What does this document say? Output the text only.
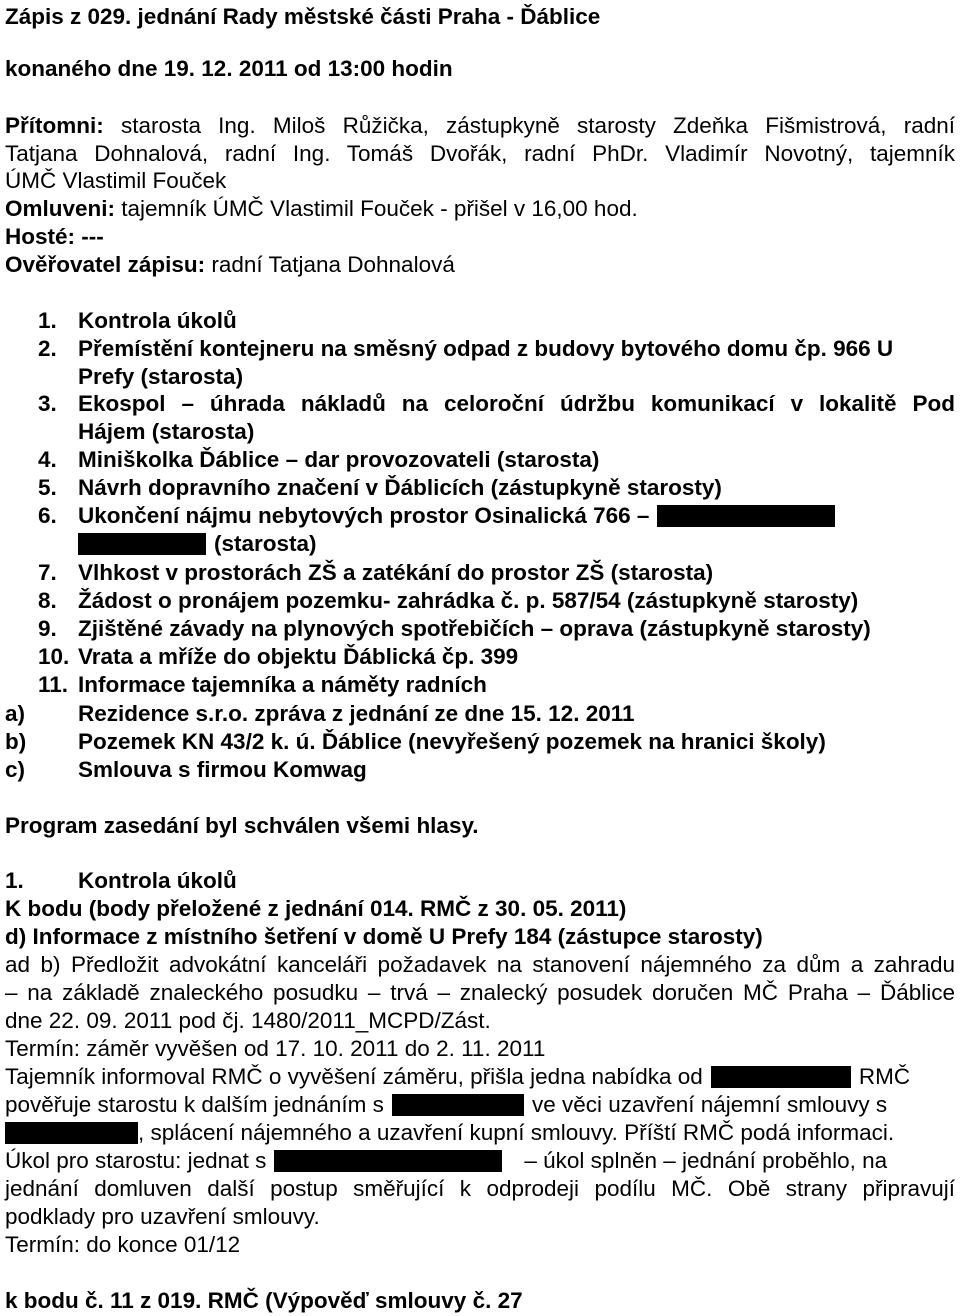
Zápis z 029. jednání Rady městské části Praha - Ďáblice
konaného dne 19. 12. 2011 od 13:00 hodin
Přítomni: starosta Ing. Miloš Růžička, zástupkyně starosty Zdeňka Fišmistrová, radní
Tatjana Dohnalová, radní Ing. Tomáš Dvořák, radní PhDr. Vladimír Novotný, tajemník
ÚMČ Vlastimil Fouček
Omluveni: tajemník ÚMČ Vlastimil Fouček - přišel v 16,00 hod.
Hosté: ---
Ověřovatel zápisu: radní Tatjana Dohnalová
1. Kontrola úkolů
2. Přemístění kontejneru na směsný odpad z budovy bytového domu čp. 966 U
Prefy (starosta)
3. Ekospol – úhrada nákladů na celoroční údržbu komunikací v lokalitě Pod
Hájem (starosta)
4. Miniškolka Ďáblice – dar provozovateli (starosta)
5. Návrh dopravního značení v Ďáblicích (zástupkyně starosty)
6. Ukončení nájmu nebytových prostor Osinalická 766 –
(starosta)
7. Vlhkost v prostorách ZŠ a zatékání do prostor ZŠ (starosta)
8. Žádost o pronájem pozemku- zahrádka č. p. 587/54 (zástupkyně starosty)
9. Zjištěné závady na plynových spotřebičích – oprava (zástupkyně starosty)
10. Vrata a mříže do objektu Ďáblická čp. 399
11. Informace tajemníka a náměty radních
a) Rezidence s.r.o. zpráva z jednání ze dne 15. 12. 2011
b) Pozemek KN 43/2 k. ú. Ďáblice (nevyřešený pozemek na hranici školy)
c) Smlouva s firmou Komwag
Program zasedání byl schválen všemi hlasy.
1. Kontrola úkolů
K bodu (body přeložené z jednání 014. RMČ z 30. 05. 2011)
d) Informace z místního šetření v domě U Prefy 184 (zástupce starosty)
ad b) Předložit advokátní kanceláři požadavek na stanovení nájemného za dům a zahradu
– na základě znaleckého posudku – trvá – znalecký posudek doručen MČ Praha – Ďáblice
dne 22. 09. 2011 pod čj. 1480/2011_MCPD/Zást.
Termín: záměr vyvěšen od 17. 10. 2011 do 2. 11. 2011
Tajemník informoval RMČ o vyvěšení záměru, přišla jedna nabídka od	RMČ
pověřuje starostu k dalším jednáním s	ve věci uzavření nájemní smlouvy s
, splácení nájemného a uzavření kupní smlouvy. Příští RMČ podá informaci.
Úkol pro starostu: jednat s	– úkol splněn – jednání proběhlo, na
jednání domluven další postup směřující k odprodeji podílu MČ. Obě strany připravují
podklady pro uzavření smlouvy.
Termín: do konce 01/12
k bodu č. 11 z 019. RMČ (Výpověď smlouvy č. 27
